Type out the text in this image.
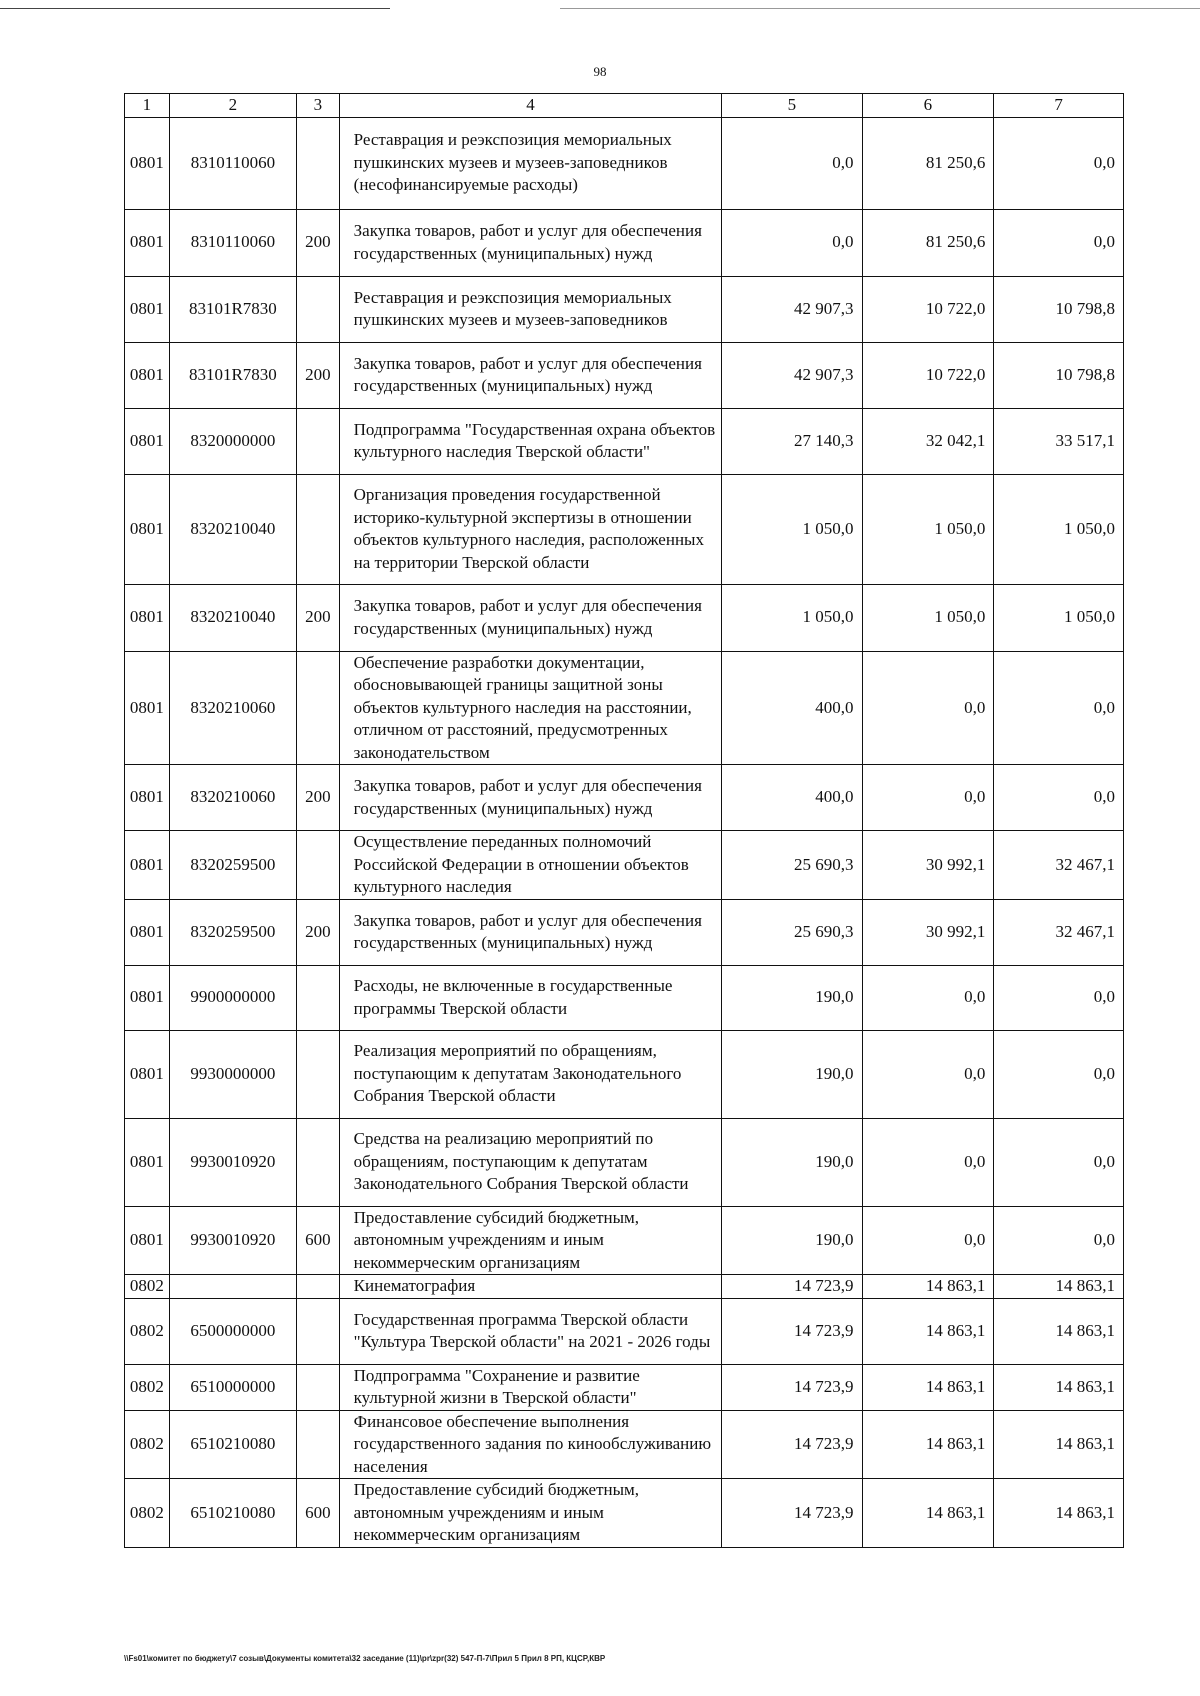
98
1	2	3	4	5	6	7
0801	8310110060		Реставрация и реэкспозиция мемориальных пушкинских музеев и музеев-заповедников (несофинансируемые расходы)	0,0	81 250,6	0,0
0801	8310110060	200	Закупка товаров, работ и услуг для обеспечения государственных (муниципальных) нужд	0,0	81 250,6	0,0
0801	83101R7830		Реставрация и реэкспозиция мемориальных пушкинских музеев и музеев-заповедников	42 907,3	10 722,0	10 798,8
0801	83101R7830	200	Закупка товаров, работ и услуг для обеспечения государственных (муниципальных) нужд	42 907,3	10 722,0	10 798,8
0801	8320000000		Подпрограмма "Государственная охрана объектов культурного наследия Тверской области"	27 140,3	32 042,1	33 517,1
0801	8320210040		Организация проведения государственной историко-культурной экспертизы в отношении объектов культурного наследия, расположенных на территории Тверской области	1 050,0	1 050,0	1 050,0
0801	8320210040	200	Закупка товаров, работ и услуг для обеспечения государственных (муниципальных) нужд	1 050,0	1 050,0	1 050,0
0801	8320210060		Обеспечение разработки документации, обосновывающей границы защитной зоны объектов культурного наследия на расстоянии, отличном от расстояний, предусмотренных законодательством	400,0	0,0	0,0
0801	8320210060	200	Закупка товаров, работ и услуг для обеспечения государственных (муниципальных) нужд	400,0	0,0	0,0
0801	8320259500		Осуществление переданных полномочий Российской Федерации в отношении объектов культурного наследия	25 690,3	30 992,1	32 467,1
0801	8320259500	200	Закупка товаров, работ и услуг для обеспечения государственных (муниципальных) нужд	25 690,3	30 992,1	32 467,1
0801	9900000000		Расходы, не включенные в государственные программы Тверской области	190,0	0,0	0,0
0801	9930000000		Реализация мероприятий по обращениям, поступающим к депутатам Законодательного Собрания Тверской области	190,0	0,0	0,0
0801	9930010920		Средства на реализацию мероприятий по обращениям, поступающим к депутатам Законодательного Собрания Тверской области	190,0	0,0	0,0
0801	9930010920	600	Предоставление субсидий бюджетным, автономным учреждениям и иным некоммерческим организациям	190,0	0,0	0,0
0802			Кинематография	14 723,9	14 863,1	14 863,1
0802	6500000000		Государственная программа Тверской области "Культура Тверской области" на 2021 - 2026 годы	14 723,9	14 863,1	14 863,1
0802	6510000000		Подпрограмма "Сохранение и развитие культурной жизни в Тверской области"	14 723,9	14 863,1	14 863,1
0802	6510210080		Финансовое обеспечение выполнения государственного задания по кинообслуживанию населения	14 723,9	14 863,1	14 863,1
0802	6510210080	600	Предоставление субсидий бюджетным, автономным учреждениям и иным некоммерческим организациям	14 723,9	14 863,1	14 863,1
\\Fs01\комитет по бюджету\7 созыв\Документы комитета\32 заседание (11)\pr\zpr(32) 547-П-7\Прил 5 Прил 8 РП, КЦСР,КВР
